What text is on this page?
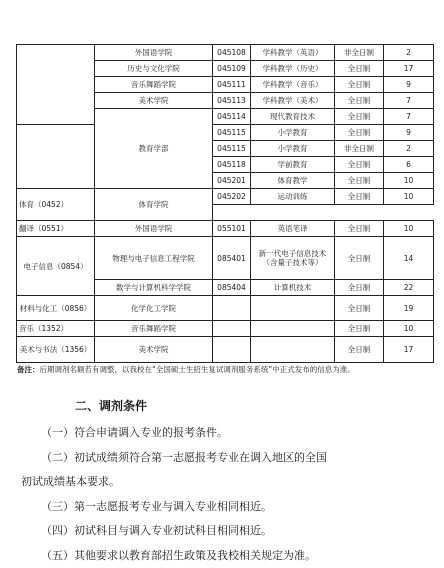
	外国语学院	045108	学科教学（英语）	非全日制	2
	历史与文化学院	045109	学科教学（历史）	全日制	17
	音乐舞蹈学院	045111	学科教学（音乐）	全日制	9
	美术学院	045113	学科教学（美术）	全日制	7
	教育学部	045114	现代教育技术	全日制	7
		045115	小学教育	全日制	9
		045115	小学教育	非全日制	2
		045118	学前教育	全日制	6
		045201	体育教学	全日制	10
体育（0452）	体育学院	045202	运动训练	全日制	10

翻译（0551）	外国语学院	055101	英语笔译	全日制	10
电子信息（0854）	物理与电子信息工程学院	085401	新一代电子信息技术（含量子技术等）	全日制	14
	数学与计算机科学学院	085404	计算机技术	全日制	22
材料与化工（0856）	化学化工学院			全日制	19
音乐（1352）	音乐舞蹈学院			全日制	10
美术与书法（1356）	美术学院			全日制	17
备注：后期调剂名额若有调整，以我校在“全国硕士生招生复试调剂服务系统”中正式发布的信息为准。
二、调剂条件
（一）符合申请调入专业的报考条件。
（二）初试成绩须符合第一志愿报考专业在调入地区的全国
初试成绩基本要求。
（三）第一志愿报考专业与调入专业相同相近。
（四）初试科目与调入专业初试科目相同相近。
（五）其他要求以教育部招生政策及我校相关规定为准。
